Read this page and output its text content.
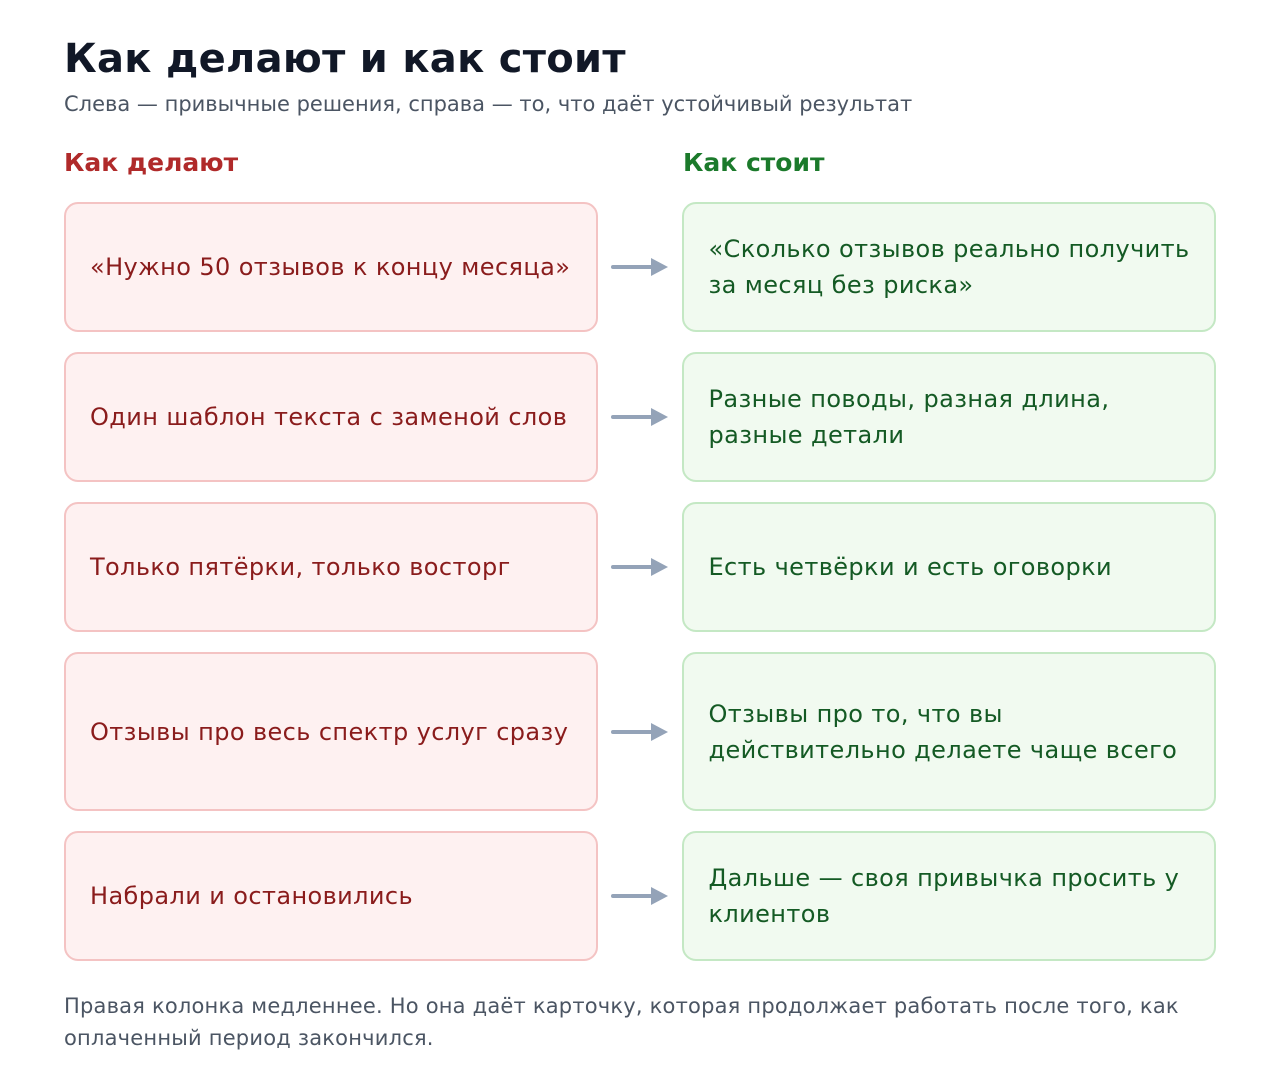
Как делают и как стоит

Слева — привычные решения, справа — то, что даёт устойчивый результат

Как делают	Как стоит
«Нужно 50 отзывов к концу месяца»
«Сколько отзывов реально получить за месяц без риска»
Один шаблон текста с заменой слов
Разные поводы, разная длина, разные детали
Только пятёрки, только восторг	Есть четвёрки и есть оговорки
Отзывы про весь спектр услуг сразу
Отзывы про то, что вы действительно делаете чаще всего
Набрали и остановились
Дальше — своя привычка просить у клиентов

Правая колонка медленнее. Но она даёт карточку, которая продолжает работать после того, как оплаченный период закончился.
